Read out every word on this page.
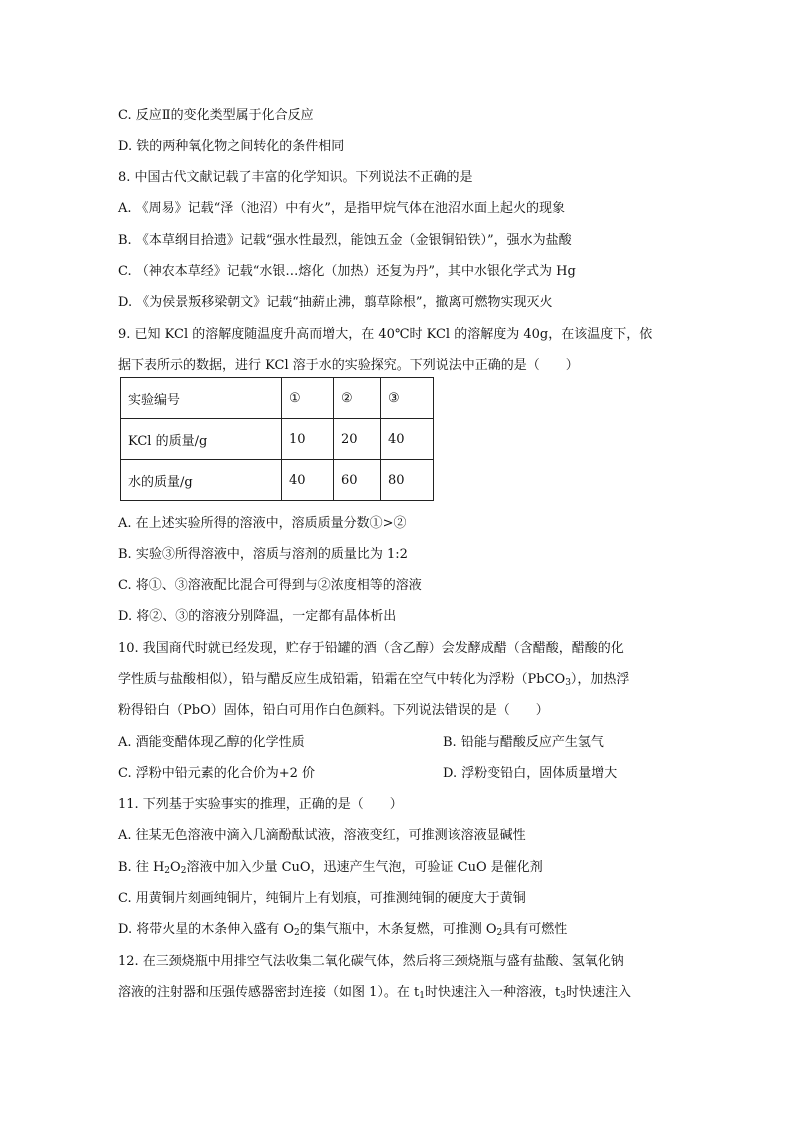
C. 反应Ⅱ的变化类型属于化合反应
D. 铁的两种氧化物之间转化的条件相同
8. 中国古代文献记载了丰富的化学知识。下列说法不正确的是
A. 《周易》记载“泽（池沼）中有火”，是指甲烷气体在池沼水面上起火的现象
B. 《本草纲目拾遗》记载“强水性最烈，能蚀五金（金银铜铅铁）”，强水为盐酸
C. （神农本草经》记载“水银…熔化（加热）还复为丹”，其中水银化学式为 Hg
D. 《为侯景叛移梁朝文》记载“抽薪止沸，翦草除根”，撤离可燃物实现灭火
9. 已知 KCl 的溶解度随温度升高而增大，在 40℃时 KCl 的溶解度为 40g，在该温度下，依
据下表所示的数据，进行 KCl 溶于水的实验探究。下列说法中正确的是（　　）
实验编号	①	②	③
KCl 的质量/g	10	20	40
水的质量/g	40	60	80
A. 在上述实验所得的溶液中，溶质质量分数①>②
B. 实验③所得溶液中，溶质与溶剂的质量比为 1:2
C. 将①、③溶液配比混合可得到与②浓度相等的溶液
D. 将②、③的溶液分别降温，一定都有晶体析出
10. 我国商代时就已经发现，贮存于铅罐的酒（含乙醇）会发酵成醋（含醋酸，醋酸的化
学性质与盐酸相似），铅与醋反应生成铅霜，铅霜在空气中转化为浮粉（PbCO$_3$），加热浮
粉得铅白（PbO）固体，铅白可用作白色颜料。下列说法错误的是（　　）
A. 酒能变醋体现乙醇的化学性质	B. 铅能与醋酸反应产生氢气
C. 浮粉中铅元素的化合价为+2 价	D. 浮粉变铅白，固体质量增大
11. 下列基于实验事实的推理，正确的是（　　）
A. 往某无色溶液中滴入几滴酚酞试液，溶液变红，可推测该溶液显碱性
B. 往 $H_2O_2$溶液中加入少量 CuO，迅速产生气泡，可验证 CuO 是催化剂
C. 用黄铜片刻画纯铜片，纯铜片上有划痕，可推测纯铜的硬度大于黄铜
D. 将带火星的木条伸入盛有 $O_2$的集气瓶中，木条复燃，可推测 $O_2$具有可燃性
12. 在三颈烧瓶中用排空气法收集二氧化碳气体，然后将三颈烧瓶与盛有盐酸、氢氧化钠
溶液的注射器和压强传感器密封连接（如图 1）。在 $t_1$时快速注入一种溶液，$t_3$时快速注入
